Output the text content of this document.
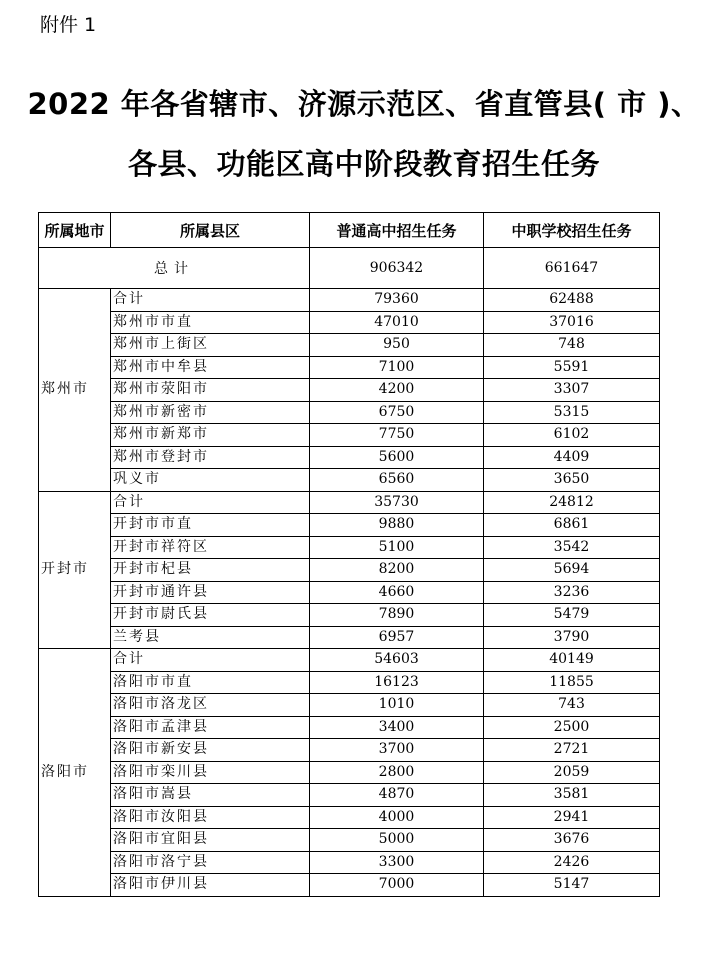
附件 1
2022 年各省辖市、济源示范区、省直管县( 市 )、
各县、功能区高中阶段教育招生任务
所属地市	所属县区	普通高中招生任务	中职学校招生任务
总计		906342	661647
郑州市	合计	79360	62488
	郑州市市直	47010	37016
	郑州市上街区	950	748
	郑州市中牟县	7100	5591
	郑州市荥阳市	4200	3307
	郑州市新密市	6750	5315
	郑州市新郑市	7750	6102
	郑州市登封市	5600	4409
	巩义市	6560	3650
开封市	合计	35730	24812
	开封市市直	9880	6861
	开封市祥符区	5100	3542
	开封市杞县	8200	5694
	开封市通许县	4660	3236
	开封市尉氏县	7890	5479
	兰考县	6957	3790
洛阳市	合计	54603	40149
	洛阳市市直	16123	11855
	洛阳市洛龙区	1010	743
	洛阳市孟津县	3400	2500
	洛阳市新安县	3700	2721
	洛阳市栾川县	2800	2059
	洛阳市嵩县	4870	3581
	洛阳市汝阳县	4000	2941
	洛阳市宜阳县	5000	3676
	洛阳市洛宁县	3300	2426
	洛阳市伊川县	7000	5147
